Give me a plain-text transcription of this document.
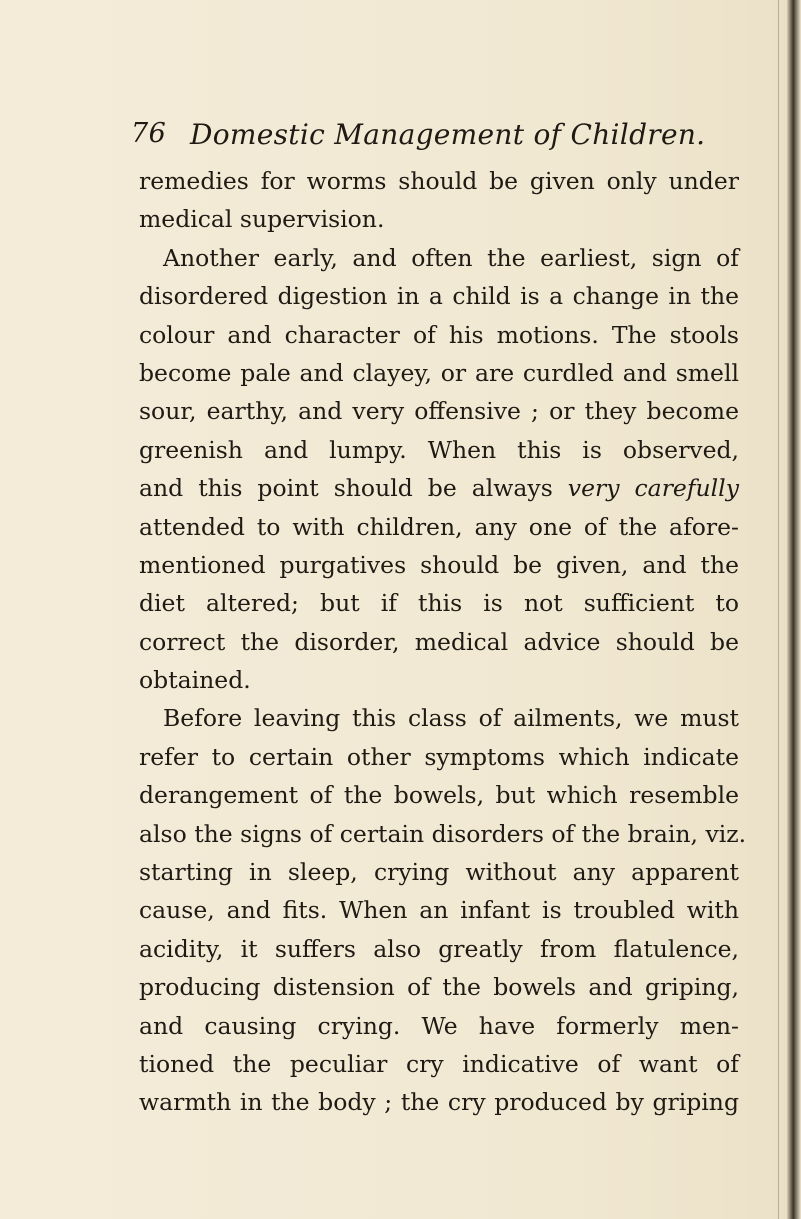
76 Domestic Management of Children.
remedies for worms should be given only under
medical supervision.
Another early, and often the earliest, sign of
disordered digestion in a child is a change in the
colour and character of his motions. The stools
become pale and clayey, or are curdled and smell
sour, earthy, and very offensive ; or they become
greenish and lumpy. When this is observed,
and this point should be always very carefully
attended to with children, any one of the afore-
mentioned purgatives should be given, and the
diet altered; but if this is not sufficient to
correct the disorder, medical advice should be
obtained.
Before leaving this class of ailments, we must
refer to certain other symptoms which indicate
derangement of the bowels, but which resemble
also the signs of certain disorders of the brain, viz.
starting in sleep, crying without any apparent
cause, and fits. When an infant is troubled with
acidity, it suffers also greatly from flatulence,
producing distension of the bowels and griping,
and causing crying. We have formerly men-
tioned the peculiar cry indicative of want of
warmth in the body ; the cry produced by griping
